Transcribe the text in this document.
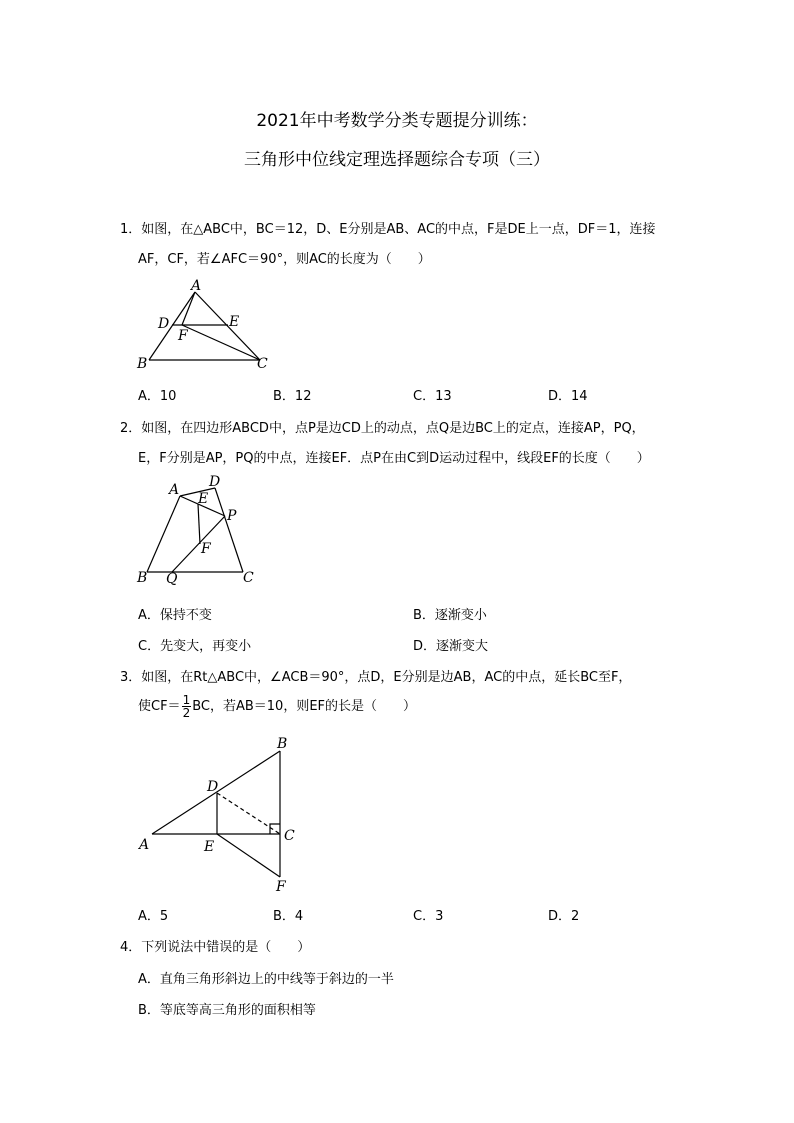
2021年中考数学分类专题提分训练：
三角形中位线定理选择题综合专项（三）
1．如图，在△ABC中，BC＝12，D、E分别是AB、AC的中点，F是DE上一点，DF＝1，连接
AF，CF，若∠AFC＝90°，则AC的长度为（　　）
A
B	C
D	E
F
A．10	B．12	C．13	D．14
2．如图，在四边形ABCD中，点P是边CD上的动点，点Q是边BC上的定点，连接AP，PQ，
E，F分别是AP，PQ的中点，连接EF．点P在由C到D运动过程中，线段EF的长度（　　）
A
B	C
D
E
F
P
Q
A．保持不变	B．逐渐变小
C．先变大，再变小	D．逐渐变大
3．如图，在Rt△ABC中，∠ACB＝90°，点D，E分别是边AB，AC的中点，延长BC至F，
使$CF= \frac{1}{2}$ BC，若AB＝10，则EF的长是（　　）
B
A
C
D
E
F
A．5	B．4	C．3	D．2
4．下列说法中错误的是（　　）
A．直角三角形斜边上的中线等于斜边的一半
B．等底等高三角形的面积相等
